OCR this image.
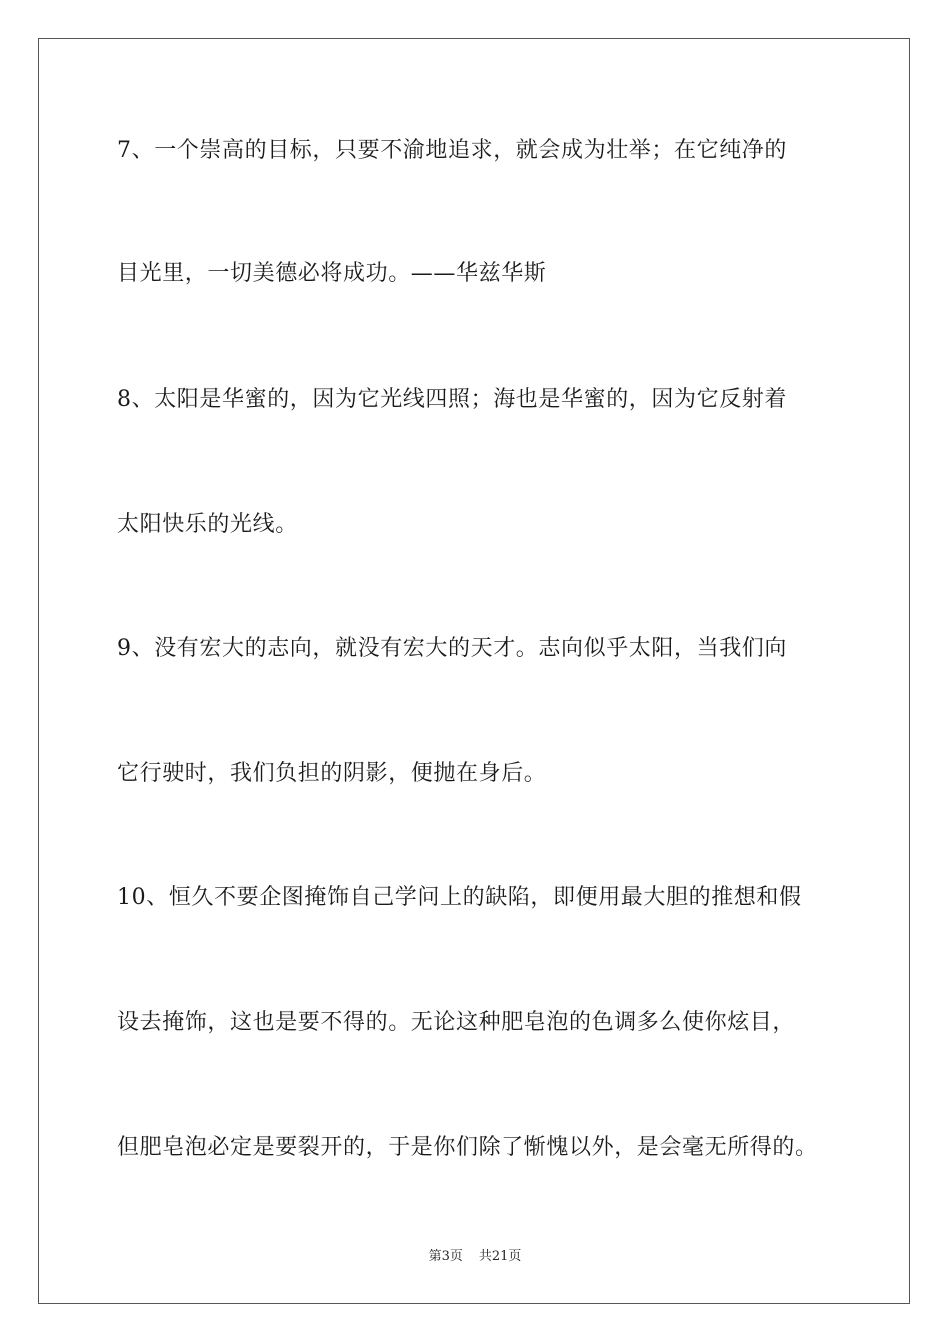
7、一个崇高的目标，只要不渝地追求，就会成为壮举；在它纯净的
目光里，一切美德必将成功。——华兹华斯
8、太阳是华蜜的，因为它光线四照；海也是华蜜的，因为它反射着
太阳快乐的光线。
9、没有宏大的志向，就没有宏大的天才。志向似乎太阳，当我们向
它行驶时，我们负担的阴影，便抛在身后。
10、恒久不要企图掩饰自己学问上的缺陷，即便用最大胆的推想和假
设去掩饰，这也是要不得的。无论这种肥皂泡的色调多么使你炫目，
但肥皂泡必定是要裂开的，于是你们除了惭愧以外，是会毫无所得的。
第3页 共21页
